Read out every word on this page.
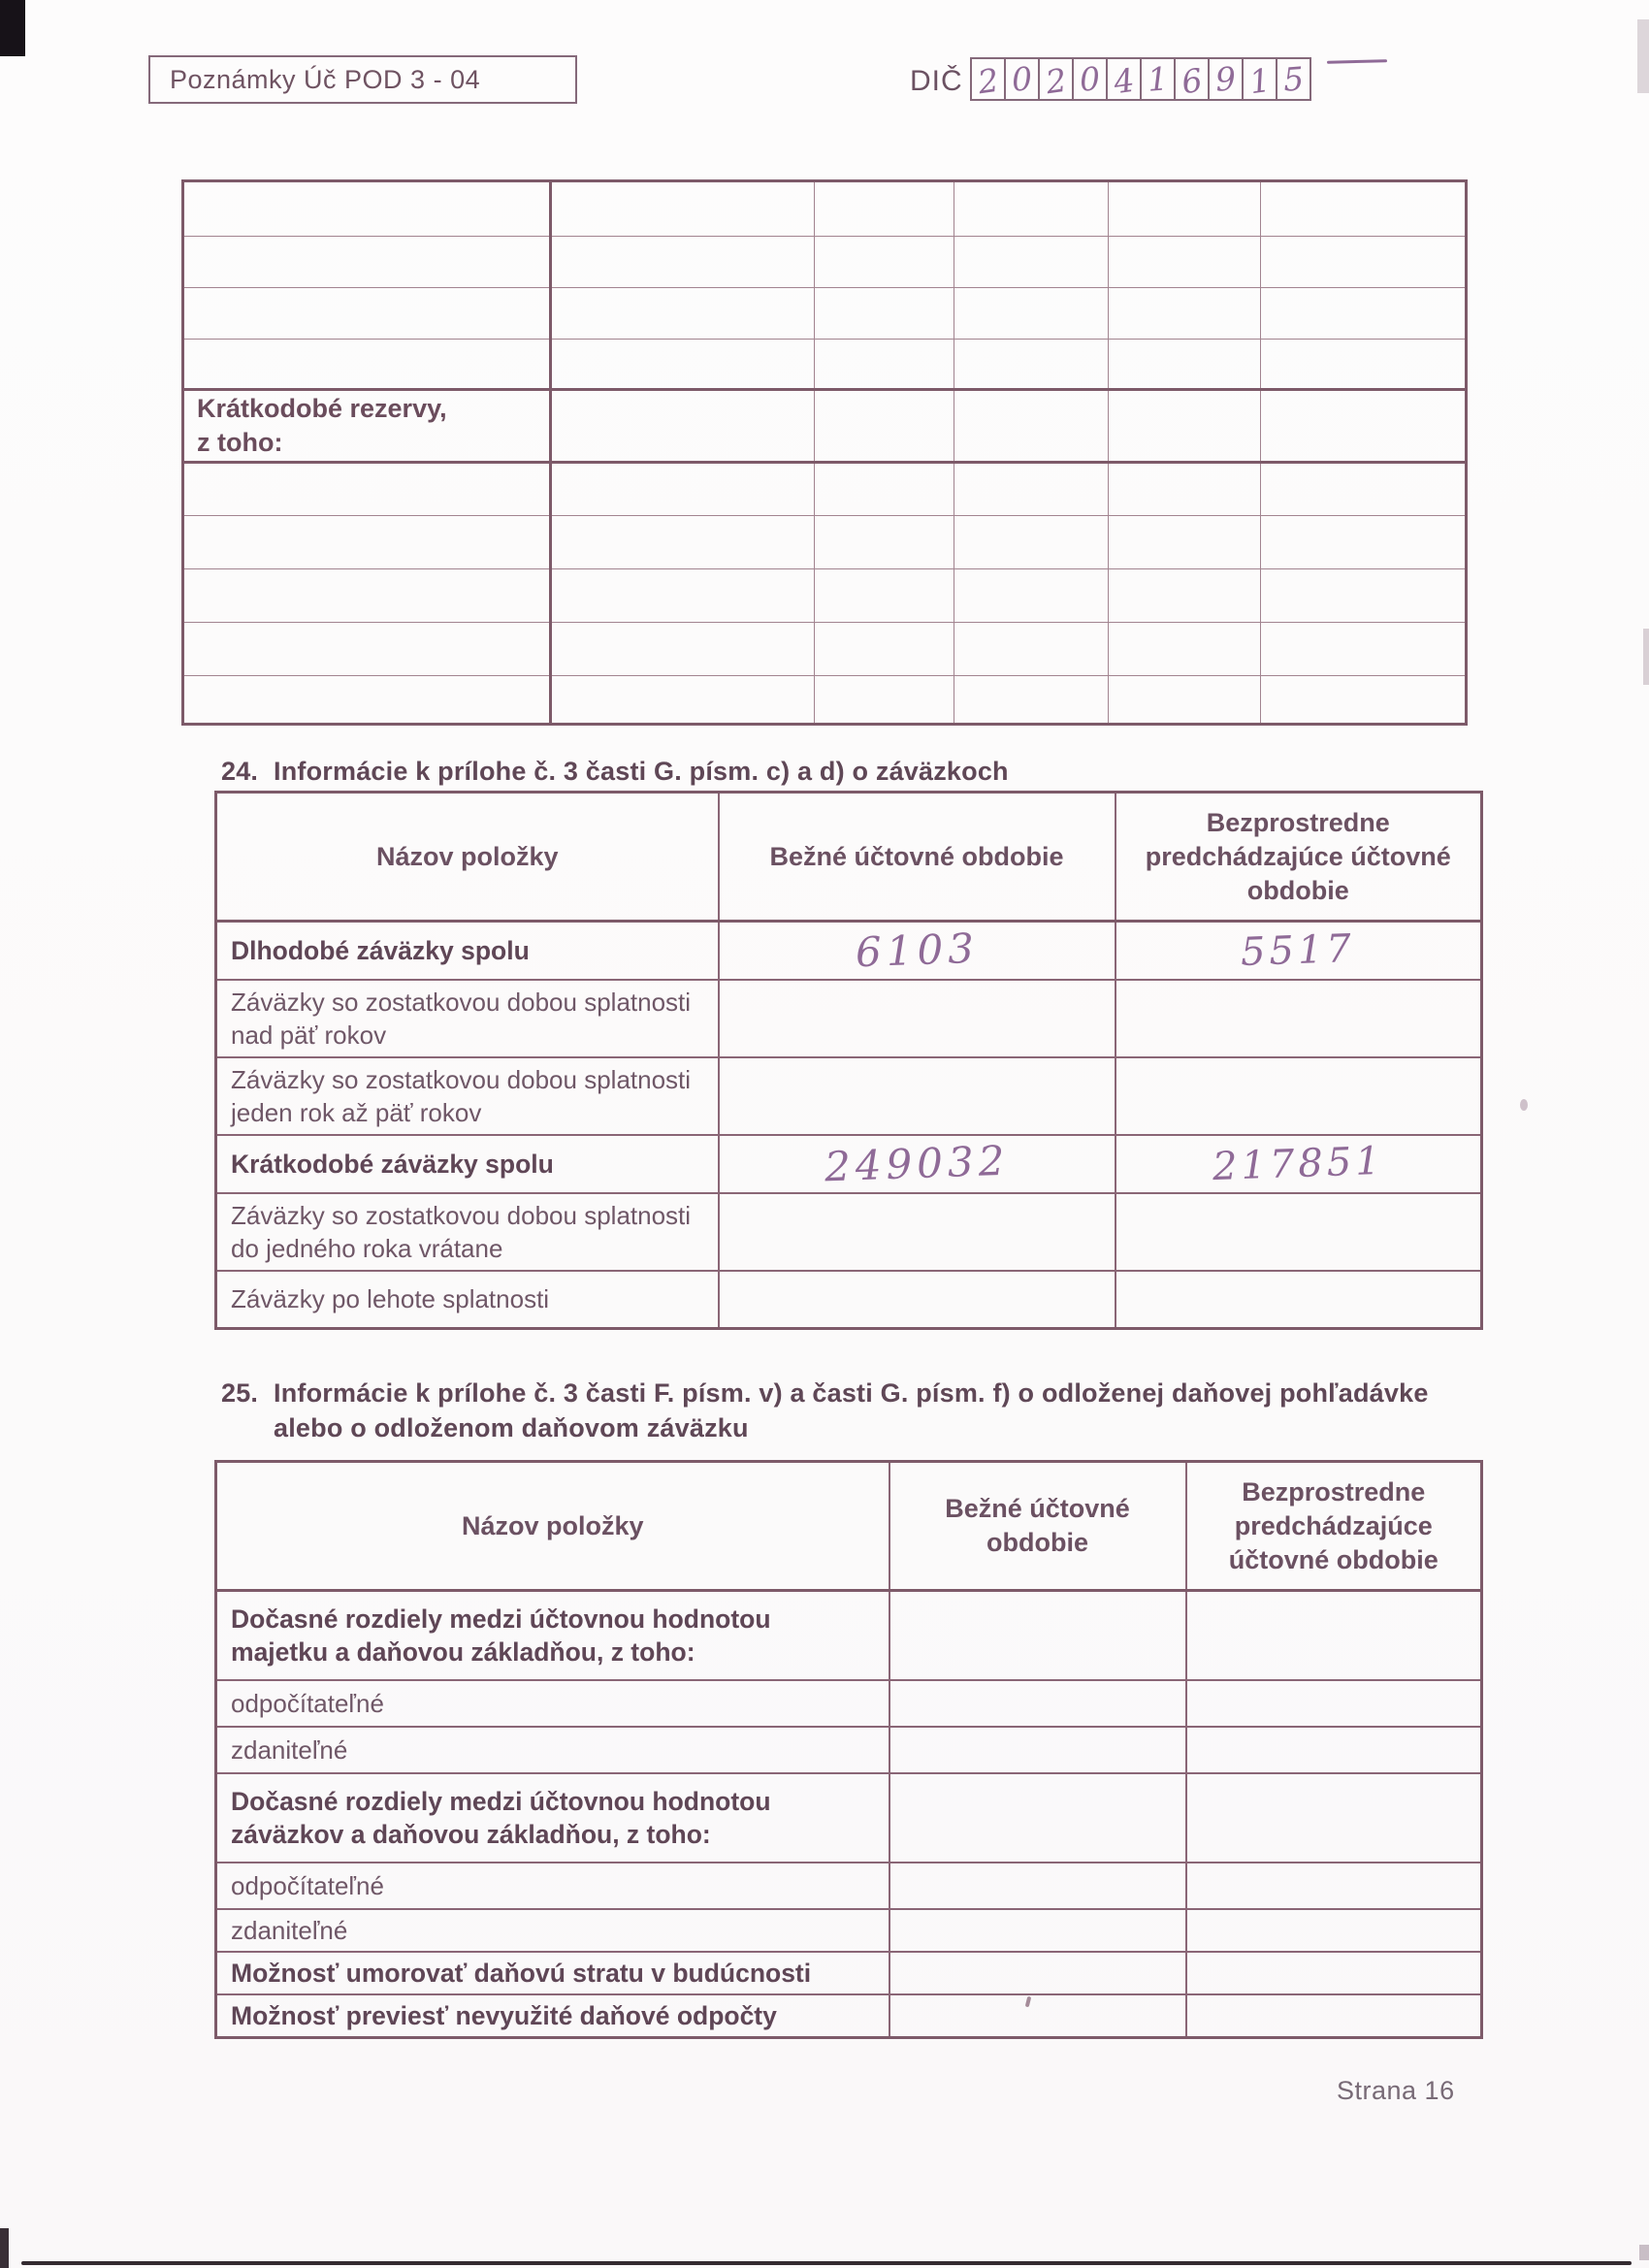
Poznámky Úč POD 3 - 04	DIČ 2 0 2 0 4 1 6 9 1 5

Krátkodobé rezervy,
z toho:					

24. Informácie k prílohe č. 3 časti G. písm. c) a d) o záväzkoch
Názov položky	Bežné účtovné obdobie	Bezprostredne predchádzajúce účtovné obdobie
Dlhodobé záväzky spolu	6103	5517
Záväzky so zostatkovou dobou splatnosti nad päť rokov		
Záväzky so zostatkovou dobou splatnosti jeden rok až päť rokov		
Krátkodobé záväzky spolu	249032	217851
Záväzky so zostatkovou dobou splatnosti do jedného roka vrátane		
Záväzky po lehote splatnosti		
25. Informácie k prílohe č. 3 časti F. písm. v) a časti G. písm. f) o odloženej daňovej pohľadávke alebo o odloženom daňovom záväzku
Názov položky	Bežné účtovné obdobie	Bezprostredne predchádzajúce účtovné obdobie
Dočasné rozdiely medzi účtovnou hodnotou majetku a daňovou základňou, z toho:		
odpočítateľné		
zdaniteľné		
Dočasné rozdiely medzi účtovnou hodnotou záväzkov a daňovou základňou, z toho:		
odpočítateľné		
zdaniteľné		
Možnosť umorovať daňovú stratu v budúcnosti		
Možnosť previesť nevyužité daňové odpočty		
Strana 16
